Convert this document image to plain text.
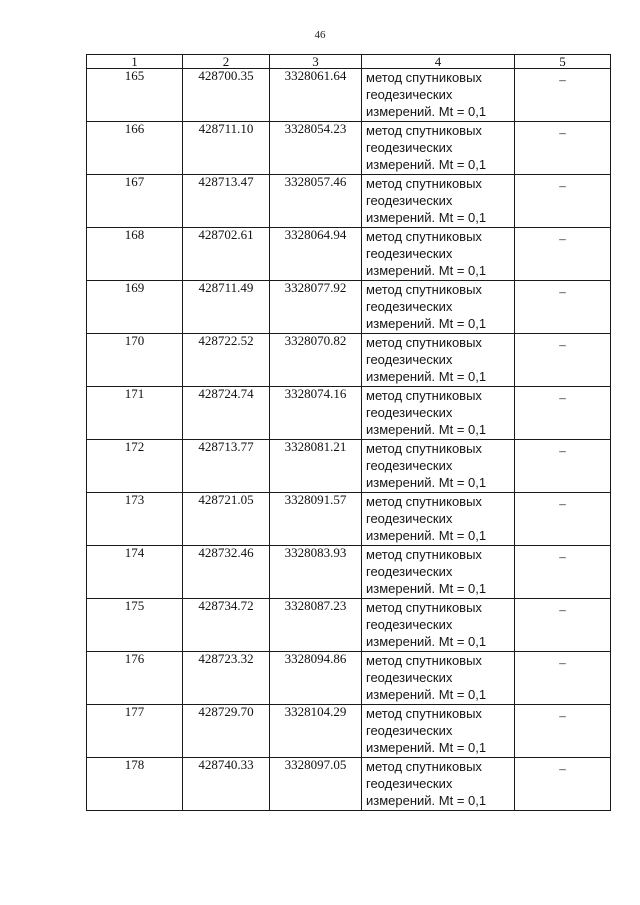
46
1	2	3	4	5
165	428700.35	3328061.64	метод спутниковых
геодезических
измерений. Mt = 0,1	–
166	428711.10	3328054.23	метод спутниковых
геодезических
измерений. Mt = 0,1	–
167	428713.47	3328057.46	метод спутниковых
геодезических
измерений. Mt = 0,1	–
168	428702.61	3328064.94	метод спутниковых
геодезических
измерений. Mt = 0,1	–
169	428711.49	3328077.92	метод спутниковых
геодезических
измерений. Mt = 0,1	–
170	428722.52	3328070.82	метод спутниковых
геодезических
измерений. Mt = 0,1	–
171	428724.74	3328074.16	метод спутниковых
геодезических
измерений. Mt = 0,1	–
172	428713.77	3328081.21	метод спутниковых
геодезических
измерений. Mt = 0,1	–
173	428721.05	3328091.57	метод спутниковых
геодезических
измерений. Mt = 0,1	–
174	428732.46	3328083.93	метод спутниковых
геодезических
измерений. Mt = 0,1	–
175	428734.72	3328087.23	метод спутниковых
геодезических
измерений. Mt = 0,1	–
176	428723.32	3328094.86	метод спутниковых
геодезических
измерений. Mt = 0,1	–
177	428729.70	3328104.29	метод спутниковых
геодезических
измерений. Mt = 0,1	–
178	428740.33	3328097.05	метод спутниковых
геодезических
измерений. Mt = 0,1	–
